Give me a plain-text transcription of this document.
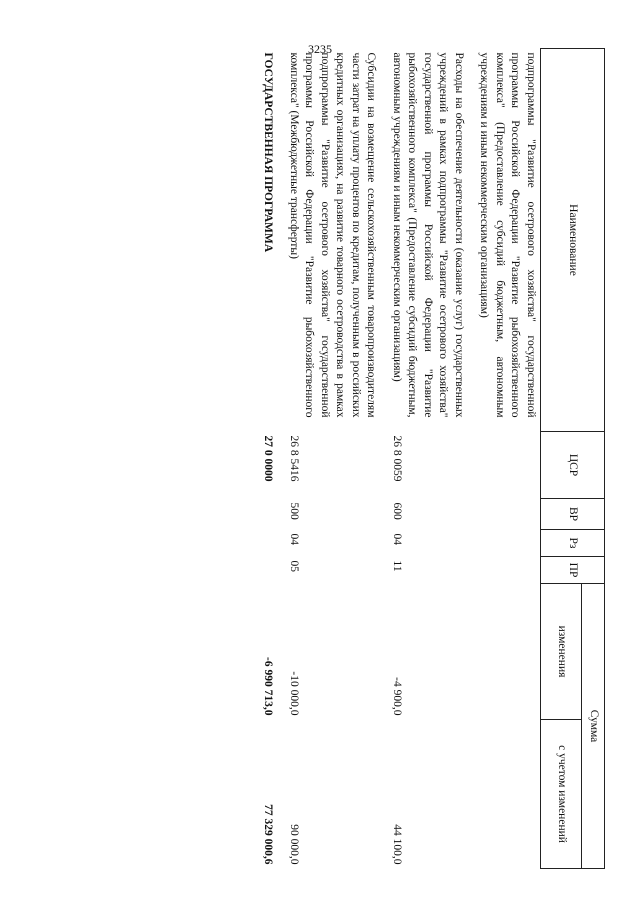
3235
Наименование	ЦСР	ВР	Рз	ПР	Сумма	
					изменения	с учетом изменений
подпрограммы "Развитие осетрового хозяйства" государственной программы Российской Федерации "Развитие рыбохозяйственного комплекса" (Предоставление субсидий бюджетным, автономным учреждениям и иным некоммерческим организациям)						
Расходы на обеспечение деятельности (оказание услуг) государственных учреждений в рамках подпрограммы "Развитие осетрового хозяйства" государственной программы Российской Федерации "Развитие рыбохозяйственного комплекса" (Предоставление субсидий бюджетным, автономным учреждениям и иным некоммерческим организациям)	26 8 0059	600	04	11	-4 900,0	44 100,0
Субсидии на возмещение сельскохозяйственным товаропроизводителям части затрат на уплату процентов по кредитам, полученным в российских кредитных организациях, на развитие товарного осетроводства в рамках подпрограммы "Развитие осетрового хозяйства" государственной программы Российской Федерации "Развитие рыбохозяйственного комплекса" (Межбюджетные трансферты)	26 8 5416	500	04	05	-10 000,0	90 000,0
ГОСУДАРСТВЕННАЯ ПРОГРАММА	27 0 0000				-6 990 713,0	77 329 000,6
